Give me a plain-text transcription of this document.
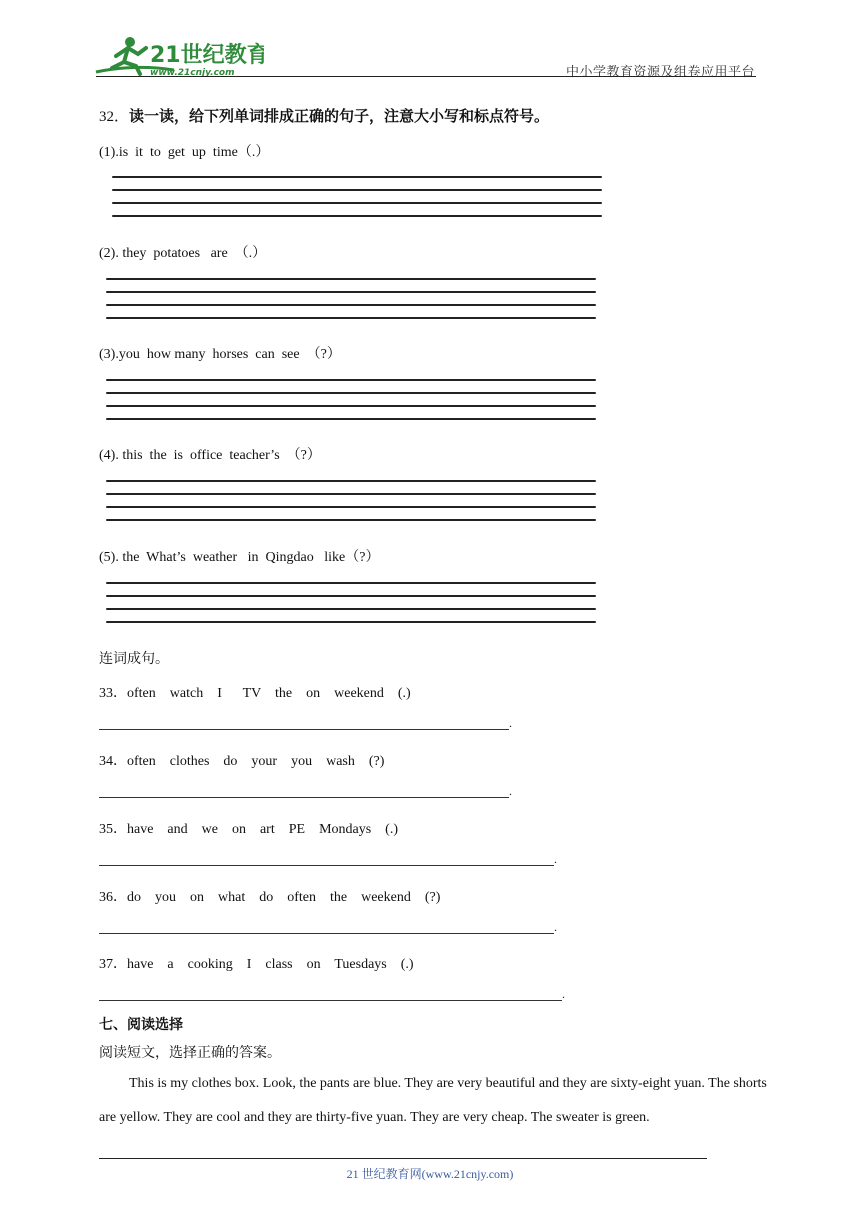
21世纪教育
www.21cnjy.com	中小学教育资源及组卷应用平台
32．读一读，给下列单词排成正确的句子，注意大小写和标点符号。
(1).is  it  to  get  up  time（.）
(2). they  potatoes   are  （.）
(3).you  how many  horses  can  see  （?）
(4). this  the  is  office  teacher’s  （?）
(5). the  What’s  weather   in  Qingdao   like（?）
连词成句。
33．often    watch    I      TV    the    on    weekend    (.)
.
34．often    clothes    do    your    you    wash    (?)
.
35．have    and    we    on    art    PE    Mondays    (.)
.
36．do    you    on    what    do    often    the    weekend    (?)
.
37．have    a    cooking    I    class    on    Tuesdays    (.)
.
七、阅读选择
阅读短文，选择正确的答案。
This is my clothes box. Look, the pants are blue. They are very beautiful and they are sixty-eight yuan. The shorts are yellow. They are cool and they are thirty-five yuan. They are very cheap. The sweater is green.
21 世纪教育网(www.21cnjy.com)
